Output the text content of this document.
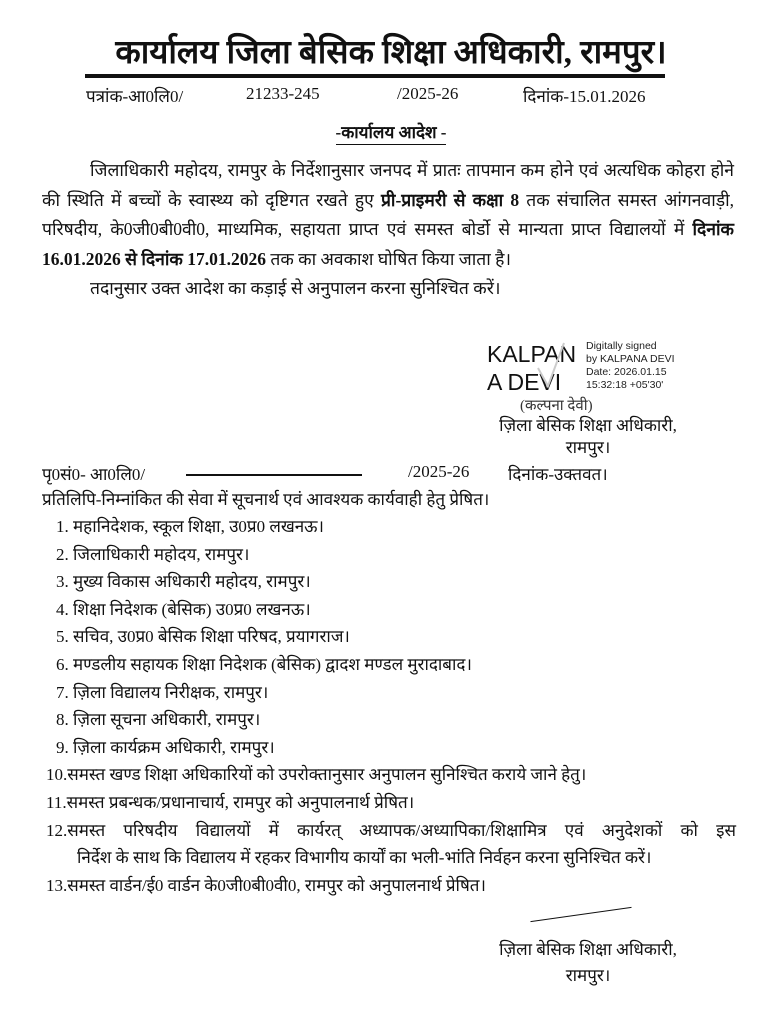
कार्यालय जिला बेसिक शिक्षा अधिकारी, रामपुर।
पत्रांक-आ0लि0/	21233-245	/2025-26	दिनांक-15.01.2026
-कार्यालय आदेश -

जिलाधिकारी महोदय, रामपुर के निर्देशानुसार जनपद में प्रातः तापमान कम होने एवं अत्यधिक कोहरा होने की स्थिति में बच्चों के स्वास्थ्य को दृष्टिगत रखते हुए प्री-प्राइमरी से कक्षा 8 तक संचालित समस्त आंगनवाड़ी, परिषदीय, के0जी0बी0वी0, माध्यमिक, सहायता प्राप्त एवं समस्त बोर्डो से मान्यता प्राप्त विद्यालयों में दिनांक 16.01.2026 से दिनांक 17.01.2026 तक का अवकाश घोषित किया जाता है।

तदानुसार उक्त आदेश का कड़ाई से अनुपालन करना सुनिश्चित करें।

KALPAN
A DEVI
Digitally signed
by KALPANA DEVI
Date: 2026.01.15
15:32:18 +05'30'
(कल्पना देवी)
ज़िला बेसिक शिक्षा अधिकारी,
रामपुर।
पृ0सं0- आ0लि0/	/2025-26 दिनांक-उक्तवत।
प्रतिलिपि-निम्नांकित की सेवा में सूचनार्थ एवं आवश्यक कार्यवाही हेतु प्रेषित।
1. महानिदेशक, स्कूल शिक्षा, उ0प्र0 लखनऊ।
2. जिलाधिकारी महोदय, रामपुर।
3. मुख्य विकास अधिकारी महोदय, रामपुर।
4. शिक्षा निदेशक (बेसिक) उ0प्र0 लखनऊ।
5. सचिव, उ0प्र0 बेसिक शिक्षा परिषद, प्रयागराज।
6. मण्डलीय सहायक शिक्षा निदेशक (बेसिक) द्वादश मण्डल मुरादाबाद।
7. ज़िला विद्यालय निरीक्षक, रामपुर।
8. ज़िला सूचना अधिकारी, रामपुर।
9. ज़िला कार्यक्रम अधिकारी, रामपुर।
10.समस्त खण्ड शिक्षा अधिकारियों को उपरोक्तानुसार अनुपालन सुनिश्चित कराये जाने हेतु।
11.समस्त प्रबन्धक/प्रधानाचार्य, रामपुर को अनुपालनार्थ प्रेषित।
12.समस्त परिषदीय विद्यालयों में कार्यरत् अध्यापक/अध्यापिका/शिक्षामित्र एवं अनुदेशकों को इस
निर्देश के साथ कि विद्यालय में रहकर विभागीय कार्यों का भली-भांति निर्वहन करना सुनिश्चित करें।
13.समस्त वार्डन/ई0 वार्डन के0जी0बी0वी0, रामपुर को अनुपालनार्थ प्रेषित।
ज़िला बेसिक शिक्षा अधिकारी,
रामपुर।
